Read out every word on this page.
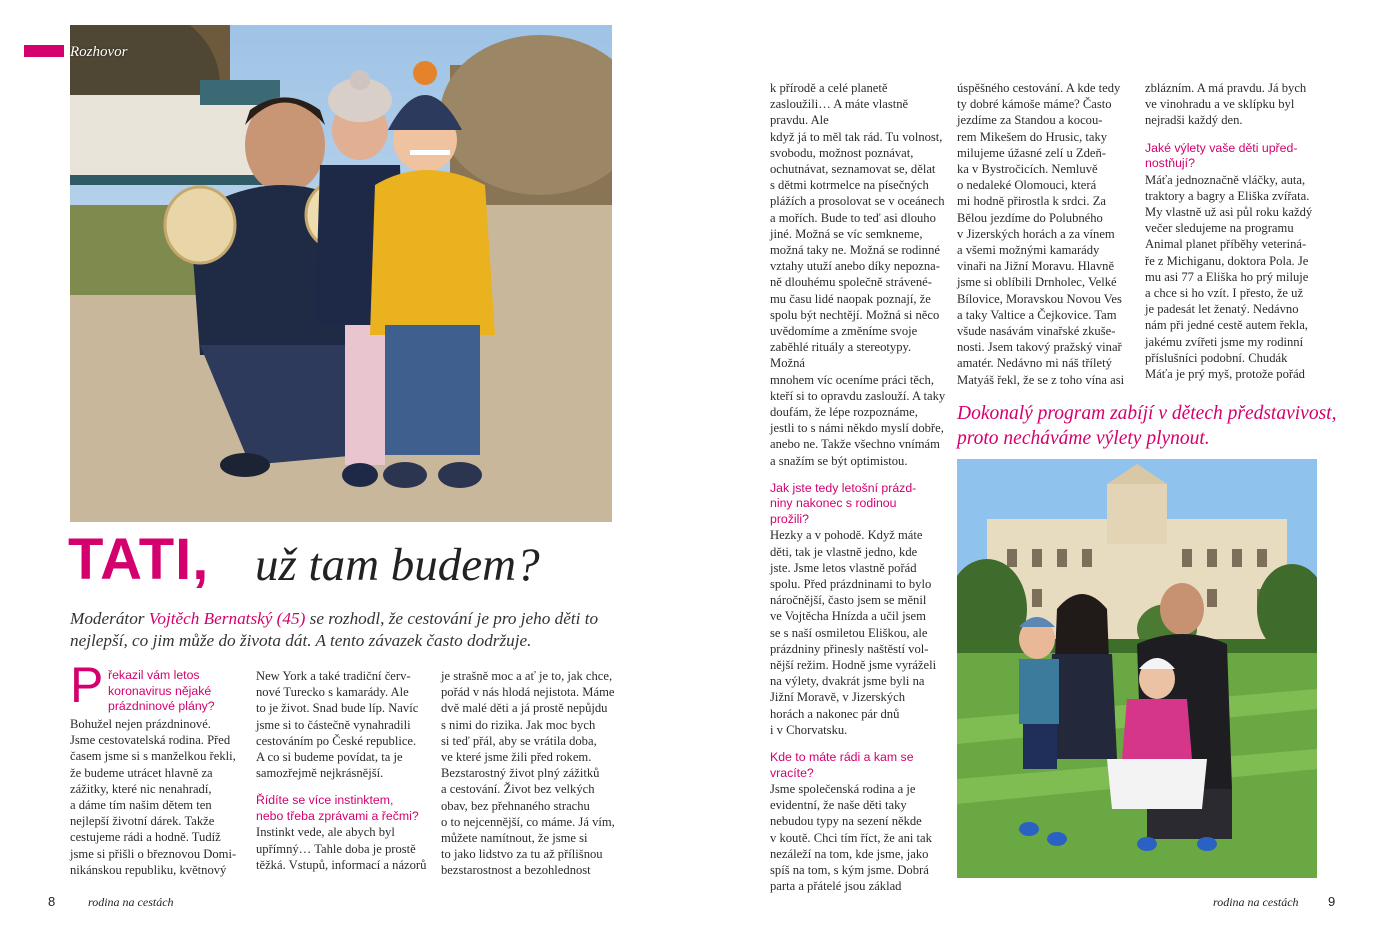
Rozhovor
TATI, už tam budem?
Moderátor Vojtěch Bernatský (45) se rozhodl, že cestování je pro jeho děti to nejlepší, co jim může do života dát. A tento závazek často dodržuje.
P řekazil vám letos
koronavirus nějaké
prázdninové plány?
Bohužel nejen prázdninové.
Jsme cestovatelská rodina. Před
časem jsme si s manželkou řekli,
že budeme utrácet hlavně za
zážitky, které nic nenahradí,
a dáme tím našim dětem ten
nejlepší životní dárek. Takže
cestujeme rádi a hodně. Tudíž
jsme si přišli o březnovou Domi-
nikánskou republiku, květnový
New York a také tradiční červ-
nové Turecko s kamarády. Ale
to je život. Snad bude líp. Navíc
jsme si to částečně vynahradili
cestováním po České republice.
A co si budeme povídat, ta je
samozřejmě nejkrásnější.
Řídíte se více instinktem,
nebo třeba zprávami a řečmi?
Instinkt vede, ale abych byl
upřímný… Tahle doba je prostě
těžká. Vstupů, informací a názorů
je strašně moc a ať je to, jak chce,
pořád v nás hlodá nejistota. Máme
dvě malé děti a já prostě nepůjdu
s nimi do rizika. Jak moc bych
si teď přál, aby se vrátila doba,
ve které jsme žili před rokem.
Bezstarostný život plný zážitků
a cestování. Život bez velkých
obav, bez přehnaného strachu
o to nejcennější, co máme. Já vím,
můžete namítnout, že jsme si
to jako lidstvo za tu až přílišnou
bezstarostnost a bezohlednost
8	rodina na cestách
k přírodě a celé planetě zasloužili… A máte vlastně pravdu. Ale
když já to měl tak rád. Tu volnost,
svobodu, možnost poznávat,
ochutnávat, seznamovat se, dělat
s dětmi kotrmelce na písečných
plážích a prosolovat se v oceánech
a mořích. Bude to teď asi dlouho
jiné. Možná se víc semkneme,
možná taky ne. Možná se rodinné
vztahy utuží anebo díky nepozna-
ně dlouhému společně strávené-
mu času lidé naopak poznají, že
spolu být nechtějí. Možná si něco
uvědomíme a změníme svoje
zaběhlé rituály a stereotypy. Možná
mnohem víc oceníme práci těch,
kteří si to opravdu zaslouží. A taky
doufám, že lépe rozpoznáme,
jestli to s námi někdo myslí dobře,
anebo ne. Takže všechno vnímám
a snažím se být optimistou.
Jak jste tedy letošní prázd-
niny nakonec s rodinou
prožili?
Hezky a v pohodě. Když máte
děti, tak je vlastně jedno, kde
jste. Jsme letos vlastně pořád
spolu. Před prázdninami to bylo
náročnější, často jsem se měnil
ve Vojtěcha Hnízda a učil jsem
se s naší osmiletou Eliškou, ale
prázdniny přinesly naštěstí vol-
nější režim. Hodně jsme vyráželi
na výlety, dvakrát jsme byli na
Jižní Moravě, v Jizerských
horách a nakonec pár dnů
i v Chorvatsku.
Kde to máte rádi a kam se
vracíte?
Jsme společenská rodina a je
evidentní, že naše děti taky
nebudou typy na sezení někde
v koutě. Chci tím říct, že ani tak
nezáleží na tom, kde jsme, jako
spíš na tom, s kým jsme. Dobrá
parta a přátelé jsou základ
úspěšného cestování. A kde tedy
ty dobré kámoše máme? Často
jezdíme za Standou a kocou-
rem Mikešem do Hrusic, taky
milujeme úžasné zelí u Zdeň-
ka v Bystročicích. Nemluvě
o nedaleké Olomouci, která
mi hodně přirostla k srdci. Za
Bělou jezdíme do Polubného
v Jizerských horách a za vínem
a všemi možnými kamarády
vinaři na Jižní Moravu. Hlavně
jsme si oblíbili Drnholec, Velké
Bílovice, Moravskou Novou Ves
a taky Valtice a Čejkovice. Tam
všude nasávám vinařské zkuše-
nosti. Jsem takový pražský vinař
amatér. Nedávno mi náš tříletý
Matyáš řekl, že se z toho vína asi
zblázním. A má pravdu. Já bych
ve vinohradu a ve sklípku byl
nejradši každý den.
Jaké výlety vaše děti upřed-
nostňují?
Máťa jednoznačně vláčky, auta,
traktory a bagry a Eliška zvířata.
My vlastně už asi půl roku každý
večer sledujeme na programu
Animal planet příběhy veteriná-
ře z Michiganu, doktora Pola. Je
mu asi 77 a Eliška ho prý miluje
a chce si ho vzít. I přesto, že už
je padesát let ženatý. Nedávno
nám při jedné cestě autem řekla,
jakému zvířeti jsme my rodinní
příslušníci podobní. Chudák
Máťa je prý myš, protože pořád
Dokonalý program zabíjí v dětech představivost, proto necháváme výlety plynout.
rodina na cestách 9
